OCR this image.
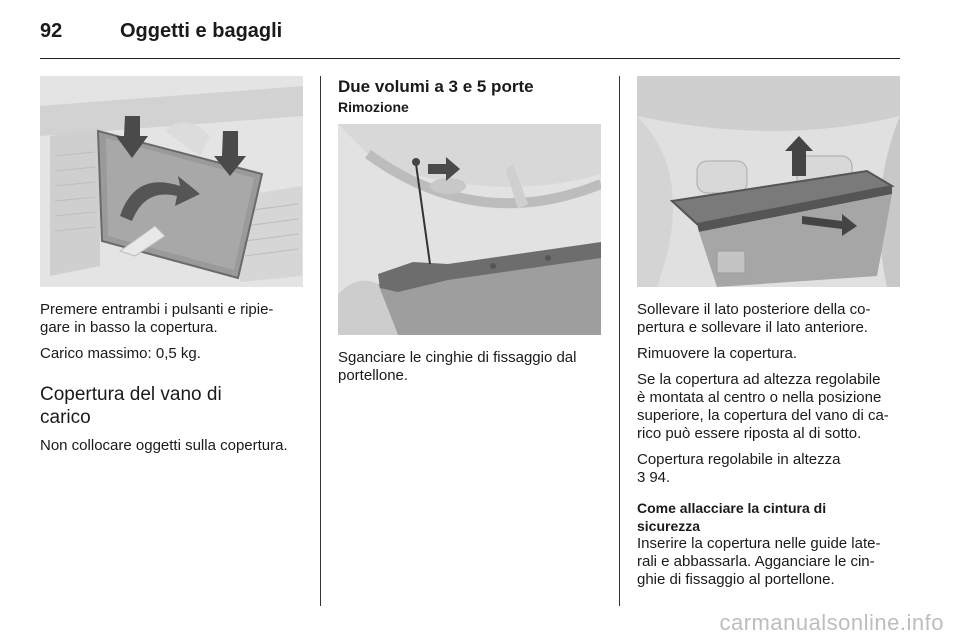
92	Oggetti e bagagli

Premere entrambi i pulsanti e ripie-

gare in basso la copertura.

Carico massimo: 0,5 kg.

Copertura del vano di

carico

Non collocare oggetti sulla copertura.

Due volumi a 3 e 5 porte

Rimozione

Sganciare le cinghie di fissaggio dal

portellone.

Sollevare il lato posteriore della co-

pertura e sollevare il lato anteriore.

Rimuovere la copertura.

Se la copertura ad altezza regolabile

è montata al centro o nella posizione

superiore, la copertura del vano di ca-

rico può essere riposta al di sotto.

Copertura regolabile in altezza

3 94.

Come allacciare la cintura di

sicurezza

Inserire la copertura nelle guide late-

rali e abbassarla. Agganciare le cin-

ghie di fissaggio al portellone.

carmanualsonline.info
